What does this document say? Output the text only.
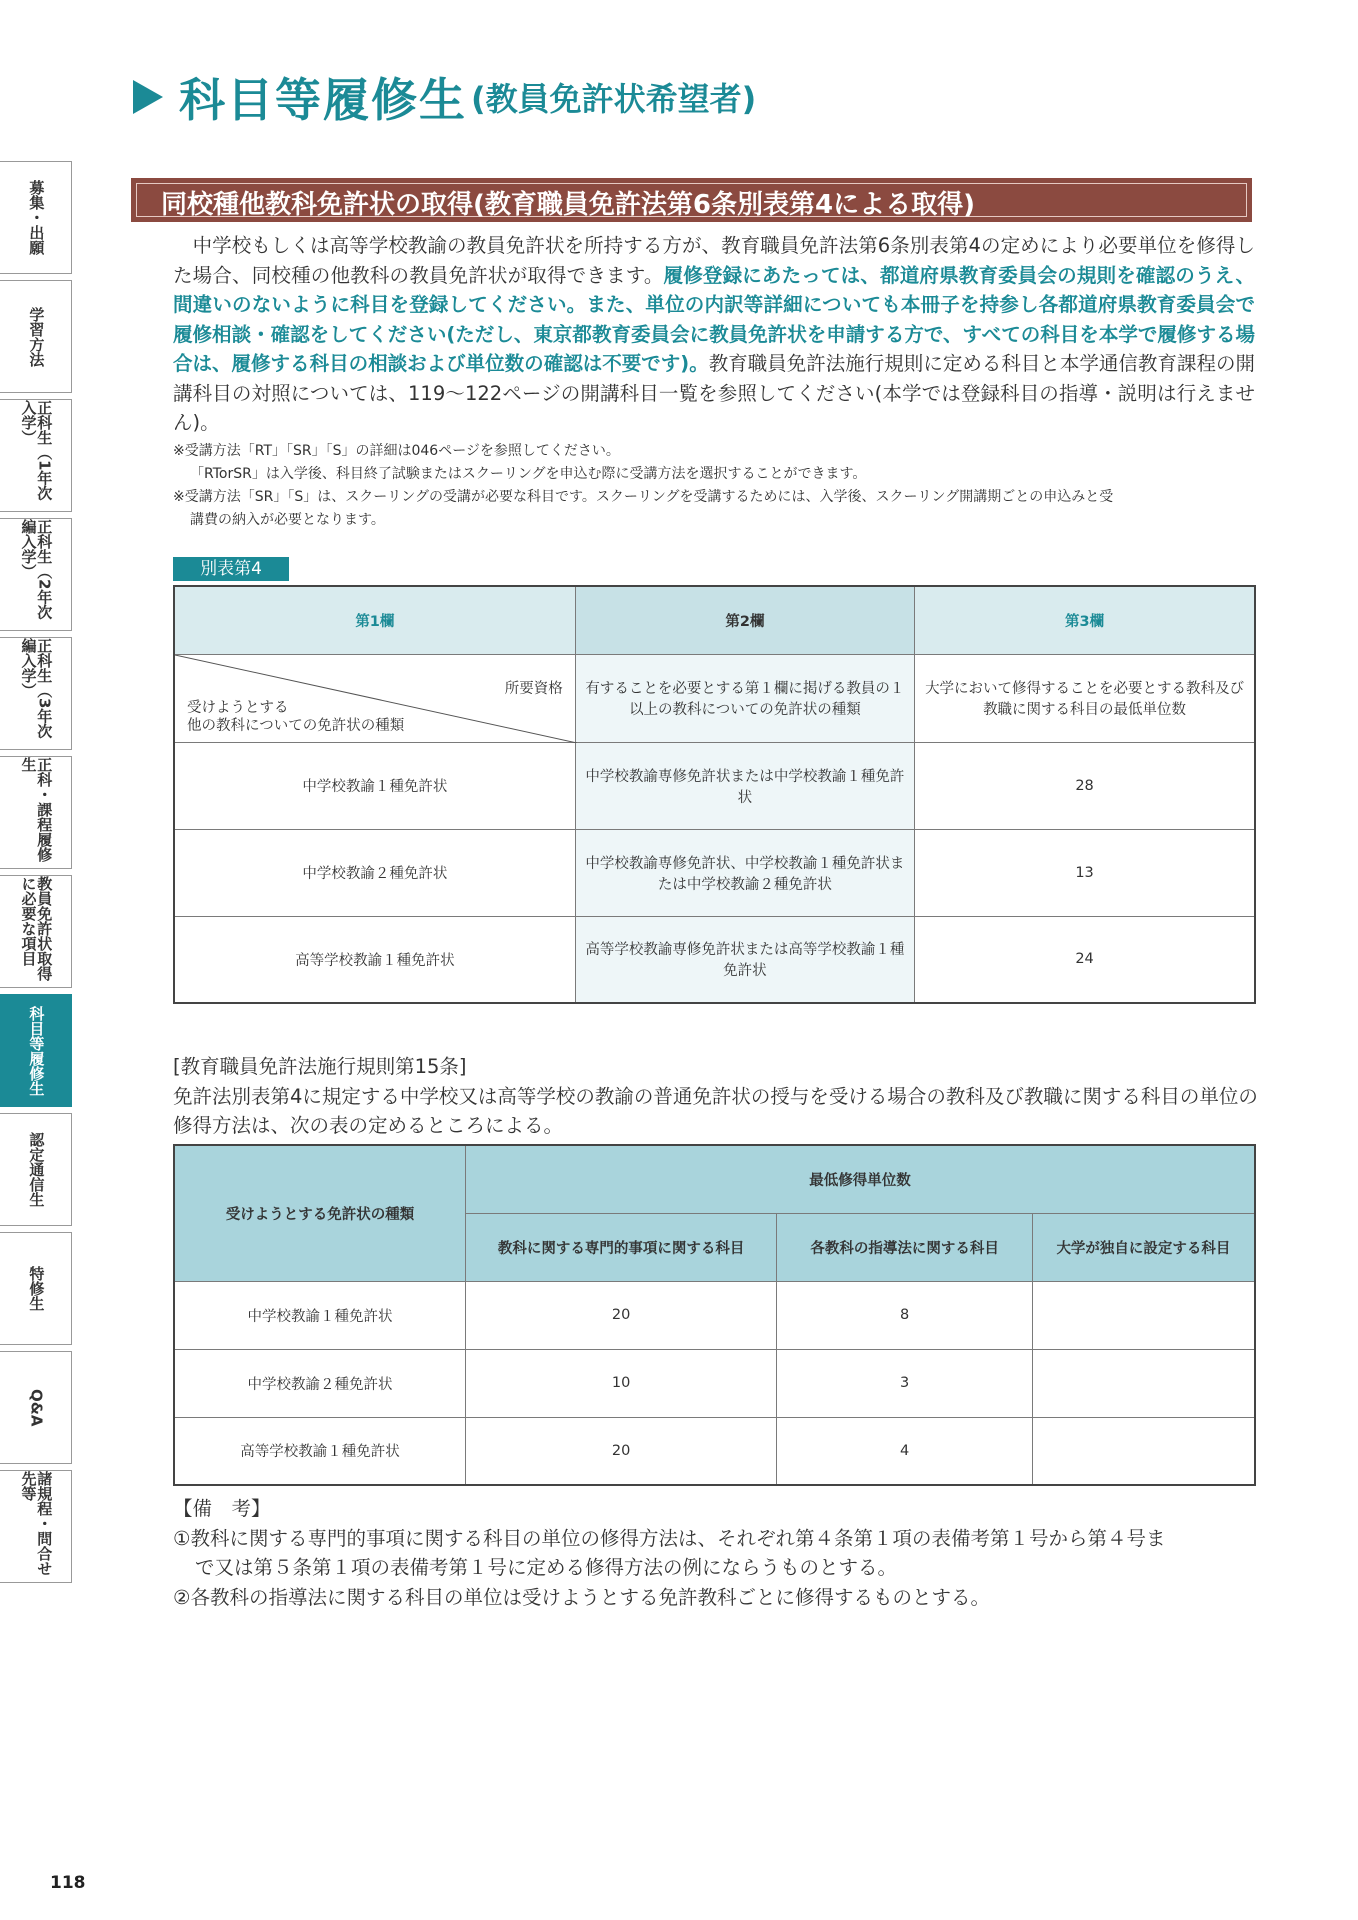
科目等履修生 (教員免許状希望者)
募集・出願
学習方法
正科生（1年次入学）
正科生（2年次編入学）
正科生（3年次編入学）
正科・課程履修生
教員免許状取得に必要な項目
科目等履修生
認定通信生
特修生
Q&A
諸規程・問合せ先等
同校種他教科免許状の取得(教育職員免許法第6条別表第4による取得)
　中学校もしくは高等学校教諭の教員免許状を所持する方が、教育職員免許法第6条別表第4の定めにより必要単位を修得した場合、同校種の他教科の教員免許状が取得できます。履修登録にあたっては、都道府県教育委員会の規則を確認のうえ、間違いのないように科目を登録してください。また、単位の内訳等詳細についても本冊子を持参し各都道府県教育委員会で履修相談・確認をしてください(ただし、東京都教育委員会に教員免許状を申請する方で、すべての科目を本学で履修する場合は、履修する科目の相談および単位数の確認は不要です)。教育職員免許法施行規則に定める科目と本学通信教育課程の開講科目の対照については、119〜122ページの開講科目一覧を参照してください(本学では登録科目の指導・説明は行えません)。
※受講方法「RT」「SR」「S」の詳細は046ページを参照してください。
「RTorSR」は入学後、科目終了試験またはスクーリングを申込む際に受講方法を選択することができます。
※受講方法「SR」「S」は、スクーリングの受講が必要な科目です。スクーリングを受講するためには、入学後、スクーリング開講期ごとの申込みと受
講費の納入が必要となります。
別表第4
第1欄	第2欄	第3欄

所要資格
受けようとする
他の教科についての免許状の種類	有することを必要とする第１欄に掲げる教員の１以上の教科についての免許状の種類	大学において修得することを必要とする教科及び教職に関する科目の最低単位数
中学校教諭１種免許状	中学校教諭専修免許状または中学校教諭１種免許状	28
中学校教諭２種免許状	中学校教諭専修免許状、中学校教諭１種免許状または中学校教諭２種免許状	13
高等学校教諭１種免許状	高等学校教諭専修免許状または高等学校教諭１種免許状	24
[教育職員免許法施行規則第15条]
免許法別表第4に規定する中学校又は高等学校の教諭の普通免許状の授与を受ける場合の教科及び教職に関する科目の単位の修得方法は、次の表の定めるところによる。
受けようとする免許状の種類	最低修得単位数		
	教科に関する専門的事項に関する科目	各教科の指導法に関する科目	大学が独自に設定する科目
中学校教諭１種免許状	20	8	
中学校教諭２種免許状	10	3	
高等学校教諭１種免許状	20	4	
【備　考】
①教科に関する専門的事項に関する科目の単位の修得方法は、それぞれ第４条第１項の表備考第１号から第４号ま
で又は第５条第１項の表備考第１号に定める修得方法の例にならうものとする。
②各教科の指導法に関する科目の単位は受けようとする免許教科ごとに修得するものとする。
118
